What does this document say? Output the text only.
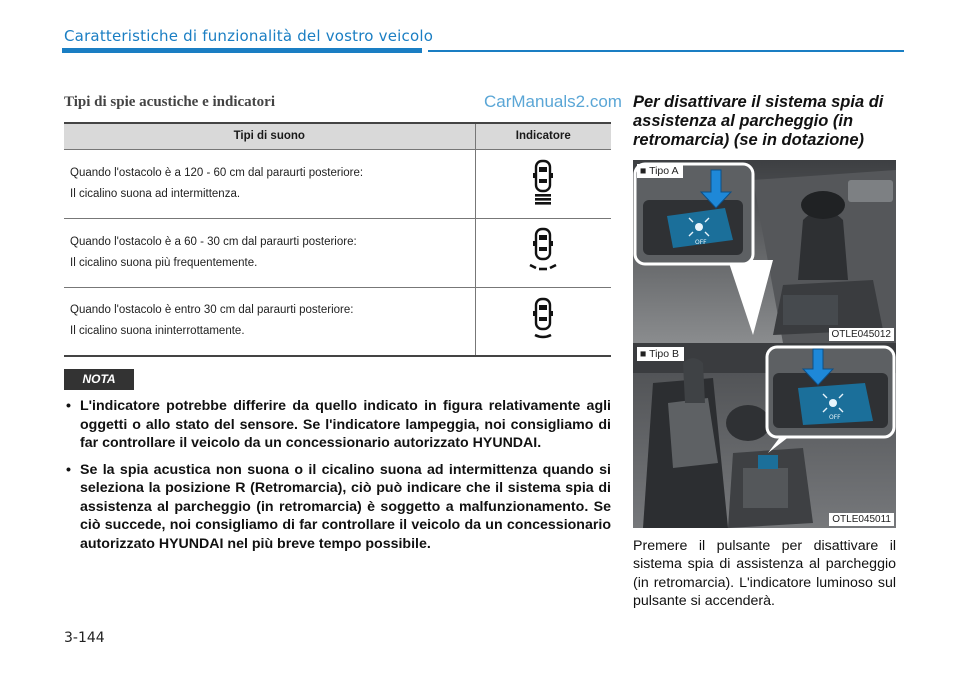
Caratteristiche di funzionalità del vostro veicolo
Tipi di spie acustiche e indicatori	CarManuals2.com
Tipi di suono	Indicatore

Quando l'ostacolo è a 120 - 60 cm dal paraurti posteriore:
Il cicalino suona ad intermittenza.

Quando l'ostacolo è a 60 - 30 cm dal paraurti posteriore:
Il cicalino suona più frequentemente.

Quando l'ostacolo è entro 30 cm dal paraurti posteriore:
Il cicalino suona ininterrottamente.

NOTA
• L'indicatore potrebbe differire da quello indicato in figura relativamente agli oggetti o allo stato del sensore. Se l'indicatore lampeggia, noi consigliamo di far controllare il veicolo da un concessionario autorizzato HYUNDAI.
• Se la spia acustica non suona o il cicalino suona ad intermittenza quando si seleziona la posizione R (Retromarcia), ciò può indicare che il sistema spia di assistenza al parcheggio (in retromarcia) è soggetto a malfunzionamento. Se ciò succede, noi consigliamo di far controllare il veicolo da un concessionario autorizzato HYUNDAI nel più breve tempo possibile.
3-144
Per disattivare il sistema spia di assistenza al parcheggio (in retromarcia) (se in dotazione)
OFF
■ Tipo A
OTLE045012
OFF
■ Tipo B
OTLE045011
Premere il pulsante per disattivare il sistema spia di assistenza al parcheggio (in retromarcia). L'indicatore luminoso sul pulsante si accenderà.
